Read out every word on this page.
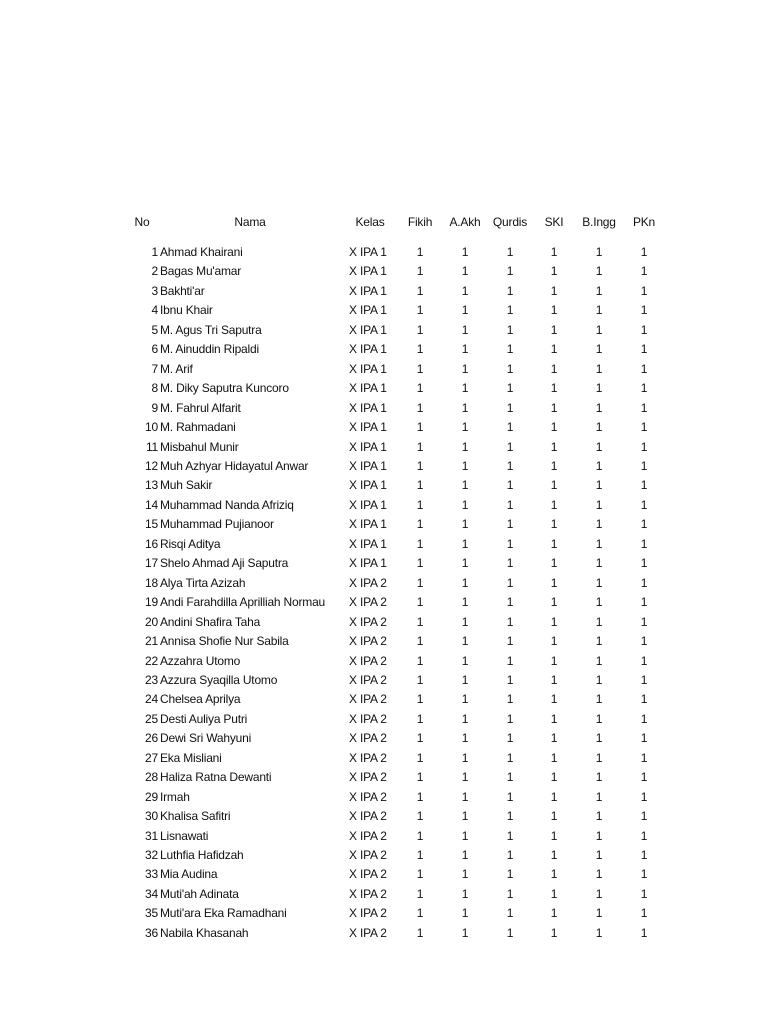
No	Nama	Kelas	Fikih	A.Akh	Qurdis	SKI	B.Ingg	PKn
1 Ahmad Khairani	X IPA 1	1	1	1	1	1	1
2 Bagas Mu'amar	X IPA 1	1	1	1	1	1	1
3 Bakhti'ar	X IPA 1	1	1	1	1	1	1
4 Ibnu Khair	X IPA 1	1	1	1	1	1	1
5 M. Agus Tri Saputra	X IPA 1	1	1	1	1	1	1
6 M. Ainuddin Ripaldi	X IPA 1	1	1	1	1	1	1
7 M. Arif	X IPA 1	1	1	1	1	1	1
8 M. Diky Saputra Kuncoro	X IPA 1	1	1	1	1	1	1
9 M. Fahrul Alfarit	X IPA 1	1	1	1	1	1	1
10 M. Rahmadani	X IPA 1	1	1	1	1	1	1
11 Misbahul Munir	X IPA 1	1	1	1	1	1	1
12 Muh Azhyar Hidayatul Anwar	X IPA 1	1	1	1	1	1	1
13 Muh Sakir	X IPA 1	1	1	1	1	1	1
14 Muhammad Nanda Afriziq	X IPA 1	1	1	1	1	1	1
15 Muhammad Pujianoor	X IPA 1	1	1	1	1	1	1
16 Risqi Aditya	X IPA 1	1	1	1	1	1	1
17 Shelo Ahmad Aji Saputra	X IPA 1	1	1	1	1	1	1
18 Alya Tirta Azizah	X IPA 2	1	1	1	1	1	1
19 Andi Farahdilla Aprilliah Normau	X IPA 2	1	1	1	1	1	1
20 Andini Shafira Taha	X IPA 2	1	1	1	1	1	1
21 Annisa Shofie Nur Sabila	X IPA 2	1	1	1	1	1	1
22 Azzahra Utomo	X IPA 2	1	1	1	1	1	1
23 Azzura Syaqilla Utomo	X IPA 2	1	1	1	1	1	1
24 Chelsea Aprilya	X IPA 2	1	1	1	1	1	1
25 Desti Auliya Putri	X IPA 2	1	1	1	1	1	1
26 Dewi Sri Wahyuni	X IPA 2	1	1	1	1	1	1
27 Eka Misliani	X IPA 2	1	1	1	1	1	1
28 Haliza Ratna Dewanti	X IPA 2	1	1	1	1	1	1
29 Irmah	X IPA 2	1	1	1	1	1	1
30 Khalisa Safitri	X IPA 2	1	1	1	1	1	1
31 Lisnawati	X IPA 2	1	1	1	1	1	1
32 Luthfia Hafidzah	X IPA 2	1	1	1	1	1	1
33 Mia Audina	X IPA 2	1	1	1	1	1	1
34 Muti'ah Adinata	X IPA 2	1	1	1	1	1	1
35 Muti'ara Eka Ramadhani	X IPA 2	1	1	1	1	1	1
36 Nabila Khasanah	X IPA 2	1	1	1	1	1	1
